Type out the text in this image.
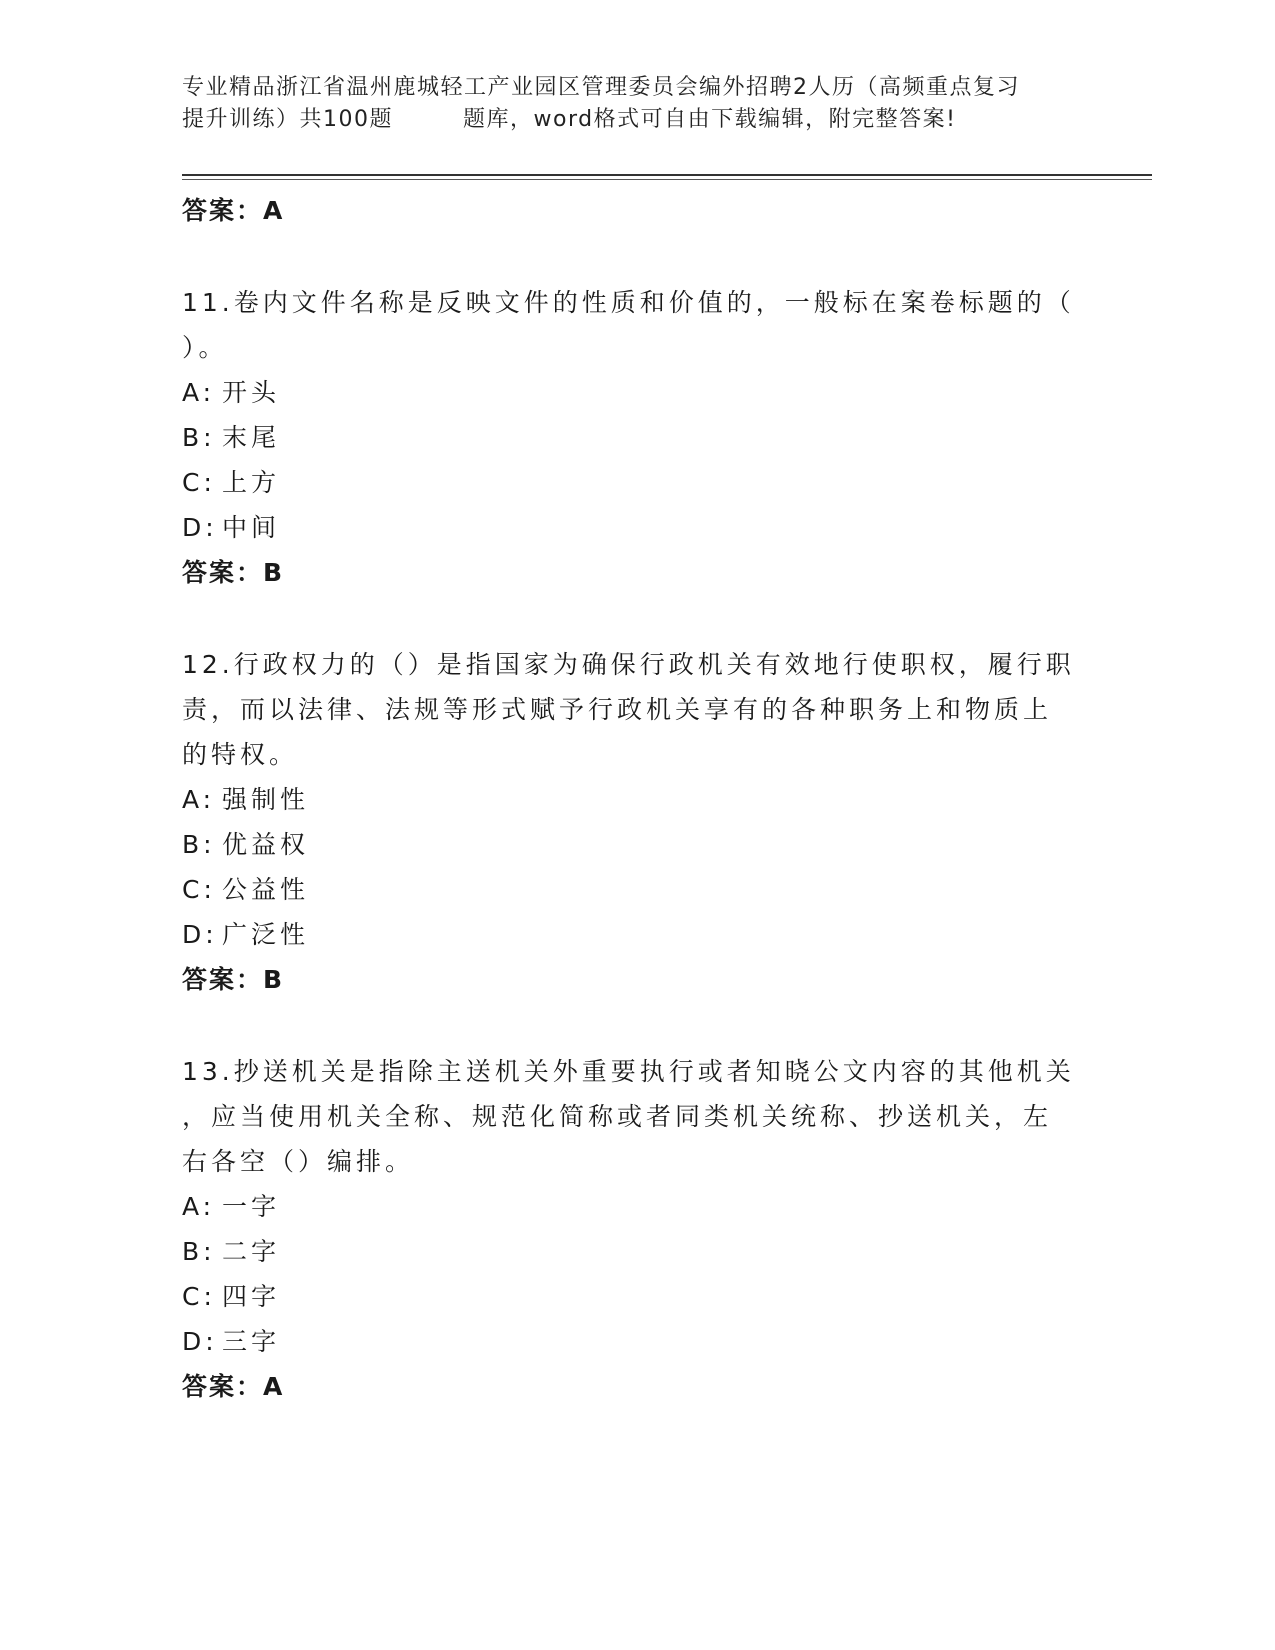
专业精品浙江省温州鹿城轻工产业园区管理委员会编外招聘2人历（高频重点复习
提升训练）共100题	题库，word格式可自由下载编辑，附完整答案!
答案：A
11.卷内文件名称是反映文件的性质和价值的，一般标在案卷标题的（
）。
A: 开头
B: 末尾
C: 上方
D: 中间
答案：B
12.行政权力的（）是指国家为确保行政机关有效地行使职权，履行职
责，而以法律、法规等形式赋予行政机关享有的各种职务上和物质上
的特权。
A: 强制性
B: 优益权
C: 公益性
D: 广泛性
答案：B
13.抄送机关是指除主送机关外重要执行或者知晓公文内容的其他机关
，应当使用机关全称、规范化简称或者同类机关统称、抄送机关，左
右各空（）编排。
A: 一字
B: 二字
C: 四字
D: 三字
答案：A
